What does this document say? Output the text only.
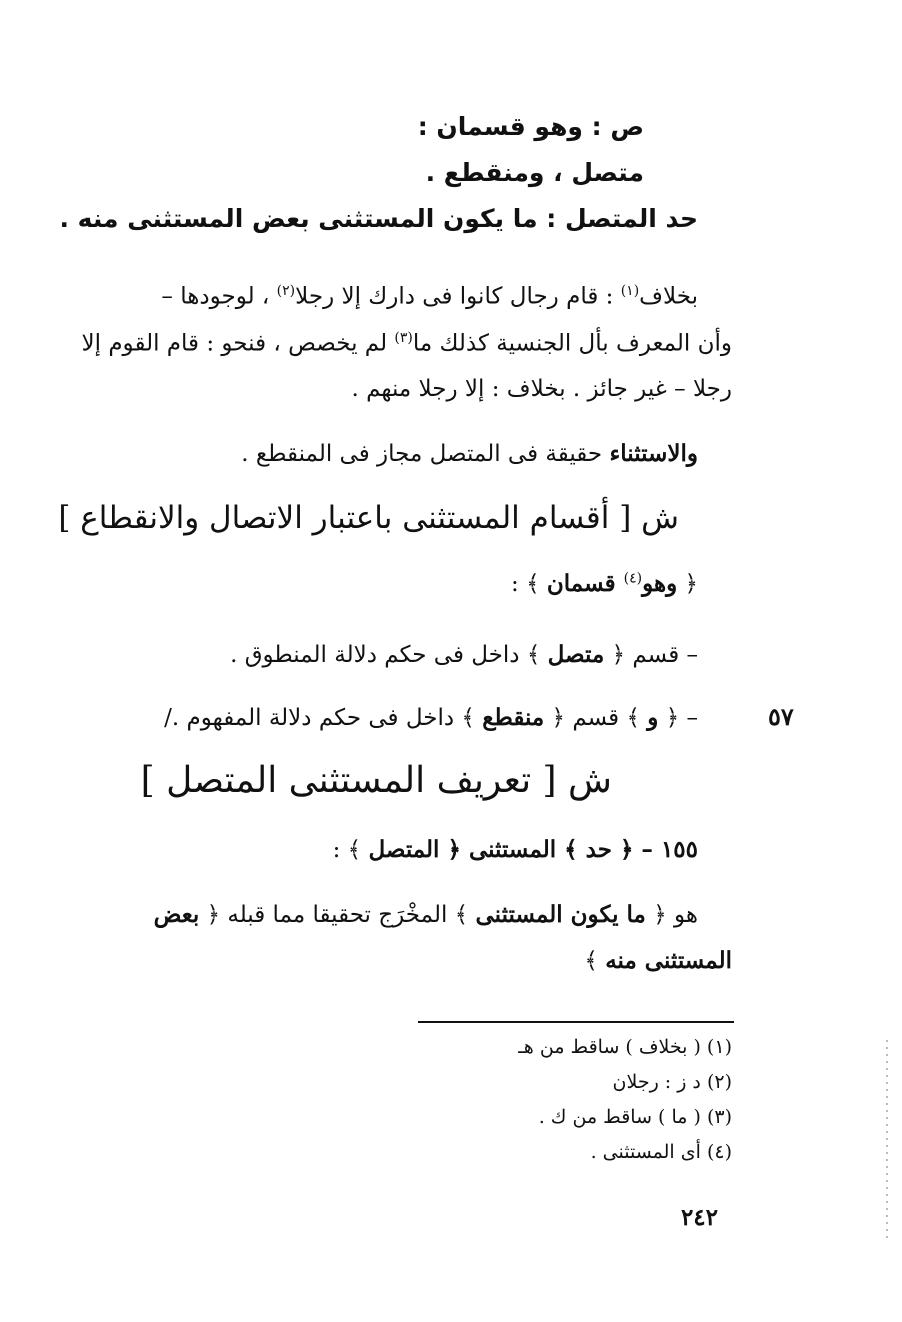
ص : وهو قسمان :
متصل ، ومنقطع .
حد المتصل : ما يكون المستثنى بعض المستثنى منه .
بخلاف$^{(١)}$ : قام رجال كانوا فى دارك إلا رجلا$^{(٢)}$ ، لوجودها –
وأن المعرف بأل الجنسية كذلك ما$^{(٣)}$ لم يخصص ، فنحو : قام القوم إلا
رجلا – غير جائز . بخلاف : إلا رجلا منهم .
والاستثناء حقيقة فى المتصل مجاز فى المنقطع .
ش [ أقسام المستثنى باعتبار الاتصال والانقطاع ]
﴿ وهو$^{(٤)}$ قسمان ﴾ :
– قسم ﴿ متصل ﴾ داخل فى حكم دلالة المنطوق .
– ﴿ و ﴾ قسم ﴿ منقطع ﴾ داخل فى حكم دلالة المفهوم ./	٥٧
ش [ تعريف المستثنى المتصل ]
١٥٥ – ﴿ حد ﴾ المستثنى ﴿ المتصل ﴾ :
هو ﴿ ما يكون المستثنى ﴾ المخْرَج تحقيقا مما قبله ﴿ بعض
المستثنى منه ﴾
(١) ( بخلاف ) ساقط من هـ
(٢) د ز : رجلان
(٣) ( ما ) ساقط من ك .
(٤) أى المستثنى .
٢٤٢
